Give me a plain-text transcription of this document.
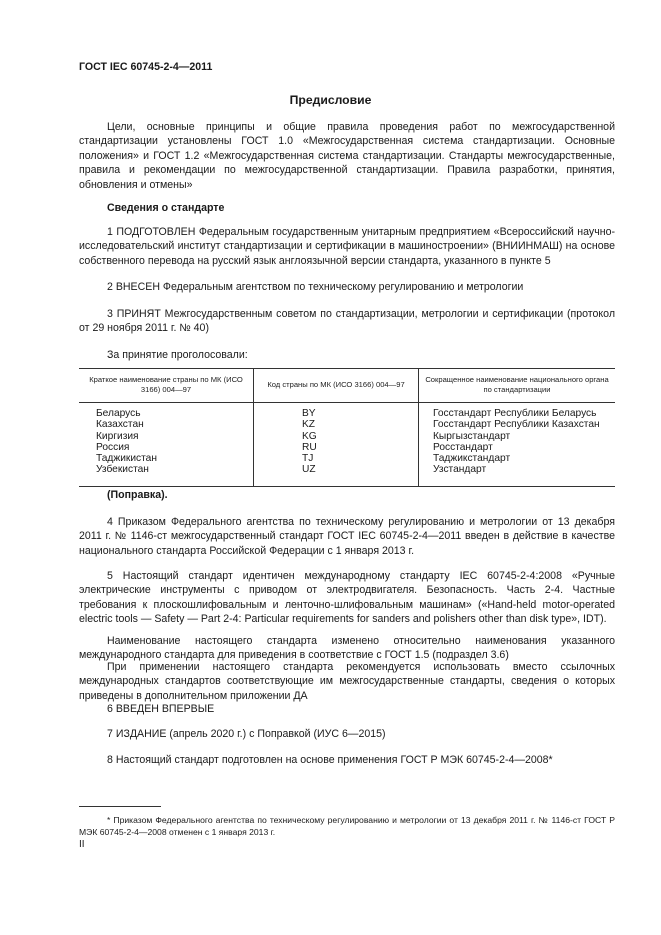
ГОСТ IEC 60745-2-4—2011
Предисловие

Цели, основные принципы и общие правила проведения работ по межгосударственной стандартизации установлены ГОСТ 1.0 «Межгосударственная система стандартизации. Основные положения» и ГОСТ 1.2 «Межгосударственная система стандартизации. Стандарты межгосударственные, правила и рекомендации по межгосударственной стандартизации. Правила разработки, принятия, обновления и отмены»

Сведения о стандарте

1 ПОДГОТОВЛЕН Федеральным государственным унитарным предприятием «Всероссийский научно-исследовательский институт стандартизации и сертификации в машиностроении» (ВНИИНМАШ) на основе собственного перевода на русский язык англоязычной версии стандарта, указанного в пункте 5

2 ВНЕСЕН Федеральным агентством по техническому регулированию и метрологии

3 ПРИНЯТ Межгосударственным советом по стандартизации, метрологии и сертификации (протокол от 29 ноября 2011 г. № 40)

За принятие проголосовали:

Краткое наименование страны по МК (ИСО 3166) 004—97	Код страны по МК (ИСО 3166) 004—97	Сокращенное наименование национального органа по стандартизации
Беларусь	BY	Госстандарт Республики Беларусь
Казахстан	KZ	Госстандарт Республики Казахстан
Киргизия	KG	Кыргызстандарт
Россия	RU	Росстандарт
Таджикистан	TJ	Таджикстандарт
Узбекистан	UZ	Узстандарт
(Поправка).

4 Приказом Федерального агентства по техническому регулированию и метрологии от 13 декабря 2011 г. № 1146-ст межгосударственный стандарт ГОСТ IEC 60745-2-4—2011 введен в действие в качестве национального стандарта Российской Федерации с 1 января 2013 г.

5 Настоящий стандарт идентичен международному стандарту IEC 60745-2-4:2008 «Ручные электрические инструменты с приводом от электродвигателя. Безопасность. Часть 2-4. Частные требования к плоскошлифовальным и ленточно-шлифовальным машинам» («Hand-held motor-operated electric tools — Safety — Part 2-4: Particular requirements for sanders and polishers other than disk type», IDT).

Наименование настоящего стандарта изменено относительно наименования указанного международного стандарта для приведения в соответствие с ГОСТ 1.5 (подраздел 3.6)

При применении настоящего стандарта рекомендуется использовать вместо ссылочных международных стандартов соответствующие им межгосударственные стандарты, сведения о которых приведены в дополнительном приложении ДА

6 ВВЕДЕН ВПЕРВЫЕ

7 ИЗДАНИЕ (апрель 2020 г.) с Поправкой (ИУС 6—2015)

8 Настоящий стандарт подготовлен на основе применения ГОСТ Р МЭК 60745-2-4—2008*

* Приказом Федерального агентства по техническому регулированию и метрологии от 13 декабря 2011 г. № 1146-ст ГОСТ Р МЭК 60745-2-4—2008 отменен с 1 января 2013 г.
II
